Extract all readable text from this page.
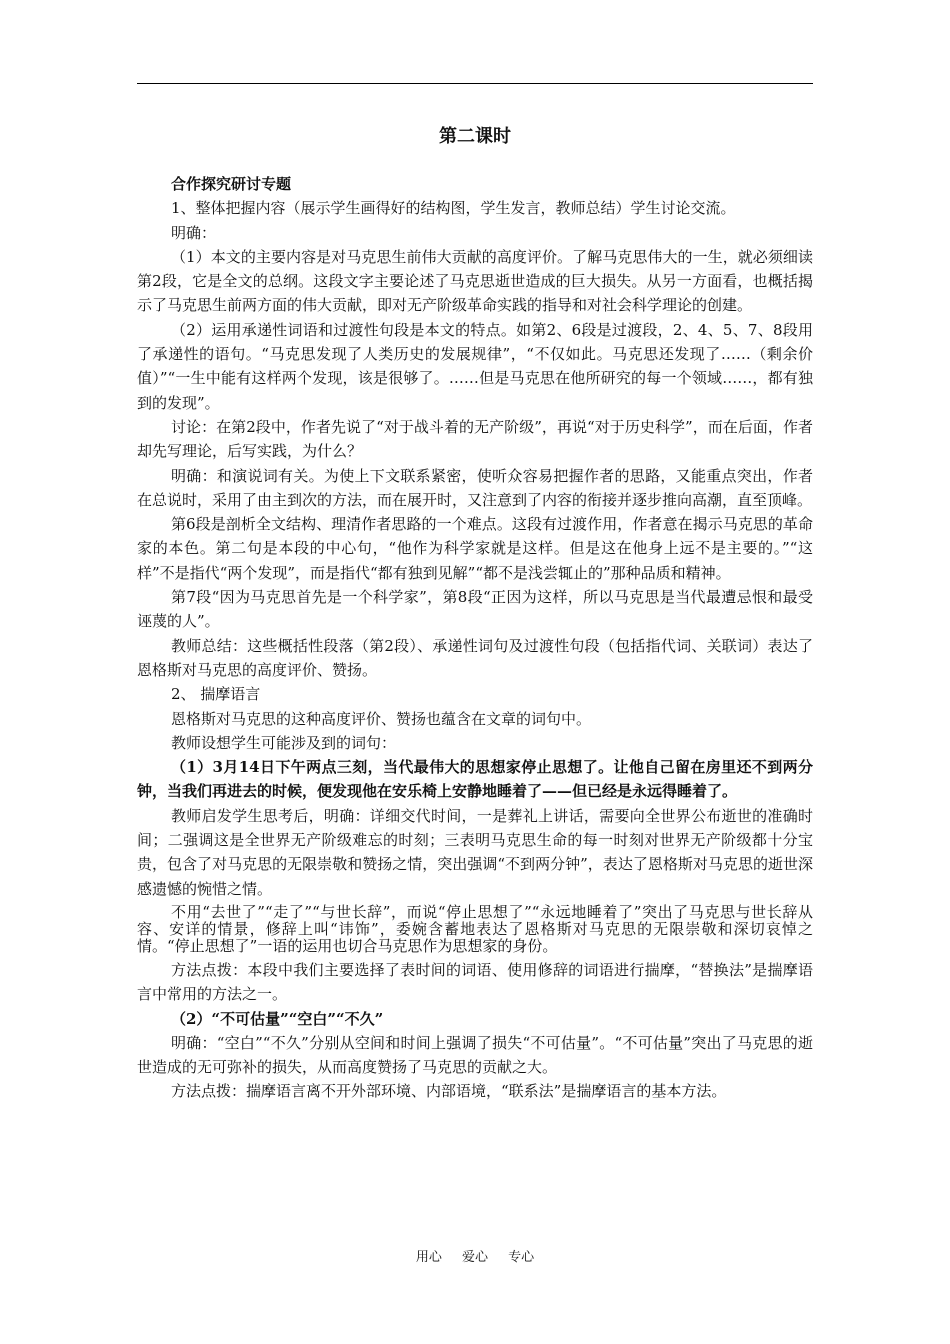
第二课时

合作探究研讨专题

1、整体把握内容（展示学生画得好的结构图，学生发言，教师总结）学生讨论交流。

明确：

（1）本文的主要内容是对马克思生前伟大贡献的高度评价。了解马克思伟大的一生，就必须细读第2段，它是全文的总纲。这段文字主要论述了马克思逝世造成的巨大损失。从另一方面看，也概括揭示了马克思生前两方面的伟大贡献，即对无产阶级革命实践的指导和对社会科学理论的创建。

（2）运用承递性词语和过渡性句段是本文的特点。如第2、6段是过渡段，2、4、5、7、8段用了承递性的语句。“马克思发现了人类历史的发展规律”，“不仅如此。马克思还发现了……（剩余价值）”“一生中能有这样两个发现，该是很够了。……但是马克思在他所研究的每一个领域……，都有独到的发现”。

讨论：在第2段中，作者先说了“对于战斗着的无产阶级”，再说“对于历史科学”，而在后面，作者却先写理论，后写实践，为什么？

明确：和演说词有关。为使上下文联系紧密，使听众容易把握作者的思路，又能重点突出，作者在总说时，采用了由主到次的方法，而在展开时，又注意到了内容的衔接并逐步推向高潮，直至顶峰。

第6段是剖析全文结构、理清作者思路的一个难点。这段有过渡作用，作者意在揭示马克思的革命家的本色。第二句是本段的中心句，“他作为科学家就是这样。但是这在他身上远不是主要的。”“这样”不是指代“两个发现”，而是指代“都有独到见解”“都不是浅尝辄止的”那种品质和精神。

第7段“因为马克思首先是一个科学家”，第8段“正因为这样，所以马克思是当代最遭忌恨和最受诬蔑的人”。

教师总结：这些概括性段落（第2段）、承递性词句及过渡性句段（包括指代词、关联词）表达了恩格斯对马克思的高度评价、赞扬。

2、 揣摩语言

恩格斯对马克思的这种高度评价、赞扬也蕴含在文章的词句中。

教师设想学生可能涉及到的词句：

（1）3月14日下午两点三刻，当代最伟大的思想家停止思想了。让他自己留在房里还不到两分钟，当我们再进去的时候，便发现他在安乐椅上安静地睡着了——但已经是永远得睡着了。

教师启发学生思考后，明确：详细交代时间，一是葬礼上讲话，需要向全世界公布逝世的准确时间；二强调这是全世界无产阶级难忘的时刻；三表明马克思生命的每一时刻对世界无产阶级都十分宝贵，包含了对马克思的无限崇敬和赞扬之情，突出强调“不到两分钟”，表达了恩格斯对马克思的逝世深感遗憾的惋惜之情。

不用“去世了”“走了”“与世长辞”，而说“停止思想了”“永远地睡着了”突出了马克思与世长辞从容、安详的情景，修辞上叫“讳饰”，委婉含蓄地表达了恩格斯对马克思的无限崇敬和深切哀悼之情。“停止思想了”一语的运用也切合马克思作为思想家的身份。

方法点拨：本段中我们主要选择了表时间的词语、使用修辞的词语进行揣摩，“替换法”是揣摩语言中常用的方法之一。

（2）“不可估量”“空白”“不久”

明确：“空白”“不久”分别从空间和时间上强调了损失“不可估量”。“不可估量”突出了马克思的逝世造成的无可弥补的损失，从而高度赞扬了马克思的贡献之大。

方法点拨：揣摩语言离不开外部环境、内部语境，“联系法”是揣摩语言的基本方法。

用心 爱心 专心
